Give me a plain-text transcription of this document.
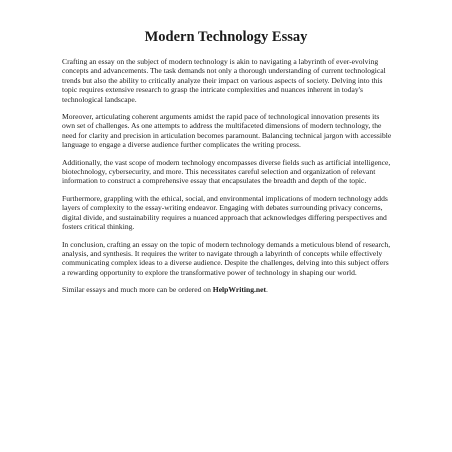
Modern Technology Essay

Crafting an essay on the subject of modern technology is akin to navigating a labyrinth of ever-evolving concepts and advancements. The task demands not only a thorough understanding of current technological trends but also the ability to critically analyze their impact on various aspects of society. Delving into this topic requires extensive research to grasp the intricate complexities and nuances inherent in today's technological landscape.

Moreover, articulating coherent arguments amidst the rapid pace of technological innovation presents its own set of challenges. As one attempts to address the multifaceted dimensions of modern technology, the need for clarity and precision in articulation becomes paramount. Balancing technical jargon with accessible language to engage a diverse audience further complicates the writing process.

Additionally, the vast scope of modern technology encompasses diverse fields such as artificial intelligence, biotechnology, cybersecurity, and more. This necessitates careful selection and organization of relevant information to construct a comprehensive essay that encapsulates the breadth and depth of the topic.

Furthermore, grappling with the ethical, social, and environmental implications of modern technology adds layers of complexity to the essay-writing endeavor. Engaging with debates surrounding privacy concerns, digital divide, and sustainability requires a nuanced approach that acknowledges differing perspectives and fosters critical thinking.

In conclusion, crafting an essay on the topic of modern technology demands a meticulous blend of research, analysis, and synthesis. It requires the writer to navigate through a labyrinth of concepts while effectively communicating complex ideas to a diverse audience. Despite the challenges, delving into this subject offers a rewarding opportunity to explore the transformative power of technology in shaping our world.

Similar essays and much more can be ordered on HelpWriting.net.
